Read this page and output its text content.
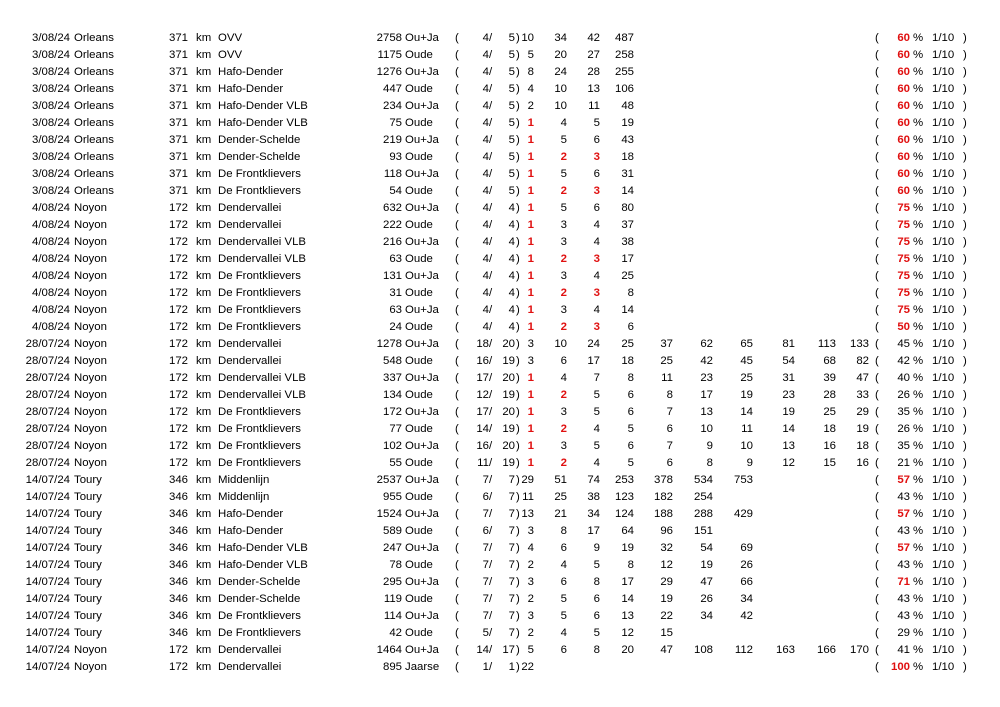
3/08/24 Orleans	371 km OVV	2758 Ou+Ja (	4 /	5 ) 10	34	42	487	(	60 % 1/10 )
3/08/24 Orleans	371 km OVV	1175 Oude (	4 /	5 ) 5	20	27	258	(	60 % 1/10 )
3/08/24 Orleans	371 km Hafo-Dender	1276 Ou+Ja (	4 /	5 ) 8	24	28	255	(	60 % 1/10 )
3/08/24 Orleans	371 km Hafo-Dender	447 Oude (	4 /	5 ) 4	10	13	106	(	60 % 1/10 )
3/08/24 Orleans	371 km Hafo-Dender VLB	234 Ou+Ja (	4 /	5 ) 2	10	11	48	(	60 % 1/10 )
3/08/24 Orleans	371 km Hafo-Dender VLB	75 Oude (	4 /	5 ) 1	4	5	19	(	60 % 1/10 )
3/08/24 Orleans	371 km Dender-Schelde	219 Ou+Ja (	4 /	5 ) 1	5	6	43	(	60 % 1/10 )
3/08/24 Orleans	371 km Dender-Schelde	93 Oude (	4 /	5 ) 1	2	3	18	(	60 % 1/10 )
3/08/24 Orleans	371 km De Frontklievers	118 Ou+Ja (	4 /	5 ) 1	5	6	31	(	60 % 1/10 )
3/08/24 Orleans	371 km De Frontklievers	54 Oude (	4 /	5 ) 1	2	3	14	(	60 % 1/10 )
4/08/24 Noyon	172 km Dendervallei	632 Ou+Ja (	4 /	4 ) 1	5	6	80	(	75 % 1/10 )
4/08/24 Noyon	172 km Dendervallei	222 Oude (	4 /	4 ) 1	3	4	37	(	75 % 1/10 )
4/08/24 Noyon	172 km Dendervallei VLB	216 Ou+Ja (	4 /	4 ) 1	3	4	38	(	75 % 1/10 )
4/08/24 Noyon	172 km Dendervallei VLB	63 Oude (	4 /	4 ) 1	2	3	17	(	75 % 1/10 )
4/08/24 Noyon	172 km De Frontklievers	131 Ou+Ja (	4 /	4 ) 1	3	4	25	(	75 % 1/10 )
4/08/24 Noyon	172 km De Frontklievers	31 Oude (	4 /	4 ) 1	2	3	8	(	75 % 1/10 )
4/08/24 Noyon	172 km De Frontklievers	63 Ou+Ja (	4 /	4 ) 1	3	4	14	(	75 % 1/10 )
4/08/24 Noyon	172 km De Frontklievers	24 Oude (	4 /	4 ) 1	2	3	6	(	50 % 1/10 )
28/07/24 Noyon	172 km Dendervallei	1278 Ou+Ja (	18 / 20 ) 3	10	24	25	37	62	65	81	113	133 (	45 % 1/10 )
28/07/24 Noyon	172 km Dendervallei	548 Oude (	16 / 19 ) 3	6	17	18	25	42	45	54	68	82 (	42 % 1/10 )
28/07/24 Noyon	172 km Dendervallei VLB	337 Ou+Ja (	17 / 20 ) 1	4	7	8	11	23	25	31	39	47 (	40 % 1/10 )
28/07/24 Noyon	172 km Dendervallei VLB	134 Oude (	12 / 19 ) 1	2	5	6	8	17	19	23	28	33 (	26 % 1/10 )
28/07/24 Noyon	172 km De Frontklievers	172 Ou+Ja (	17 / 20 ) 1	3	5	6	7	13	14	19	25	29 (	35 % 1/10 )
28/07/24 Noyon	172 km De Frontklievers	77 Oude (	14 / 19 ) 1	2	4	5	6	10	11	14	18	19 (	26 % 1/10 )
28/07/24 Noyon	172 km De Frontklievers	102 Ou+Ja (	16 / 20 ) 1	3	5	6	7	9	10	13	16	18 (	35 % 1/10 )
28/07/24 Noyon	172 km De Frontklievers	55 Oude (	11 / 19 ) 1	2	4	5	6	8	9	12	15	16 (	21 % 1/10 )
14/07/24 Toury	346 km Middenlijn	2537 Ou+Ja (	7 /	7 ) 29	51	74	253	378	534	753	(	57 % 1/10 )
14/07/24 Toury	346 km Middenlijn	955 Oude (	6 /	7 ) 11	25	38	123	182	254	(	43 % 1/10 )
14/07/24 Toury	346 km Hafo-Dender	1524 Ou+Ja (	7 /	7 ) 13	21	34	124	188	288	429	(	57 % 1/10 )
14/07/24 Toury	346 km Hafo-Dender	589 Oude (	6 /	7 ) 3	8	17	64	96	151	(	43 % 1/10 )
14/07/24 Toury	346 km Hafo-Dender VLB	247 Ou+Ja (	7 /	7 ) 4	6	9	19	32	54	69	(	57 % 1/10 )
14/07/24 Toury	346 km Hafo-Dender VLB	78 Oude (	7 /	7 ) 2	4	5	8	12	19	26	(	43 % 1/10 )
14/07/24 Toury	346 km Dender-Schelde	295 Ou+Ja (	7 /	7 ) 3	6	8	17	29	47	66	(	71 % 1/10 )
14/07/24 Toury	346 km Dender-Schelde	119 Oude (	7 /	7 ) 2	5	6	14	19	26	34	(	43 % 1/10 )
14/07/24 Toury	346 km De Frontklievers	114 Ou+Ja (	7 /	7 ) 3	5	6	13	22	34	42	(	43 % 1/10 )
14/07/24 Toury	346 km De Frontklievers	42 Oude (	5 /	7 ) 2	4	5	12	15	(	29 % 1/10 )
14/07/24 Noyon	172 km Dendervallei	1464 Ou+Ja (	14 / 17 ) 5	6	8	20	47	108	112	163	166	170 (	41 % 1/10 )
14/07/24 Noyon	172 km Dendervallei	895 Jaarse (	1 /	1 ) 22	(	100 % 1/10 )
